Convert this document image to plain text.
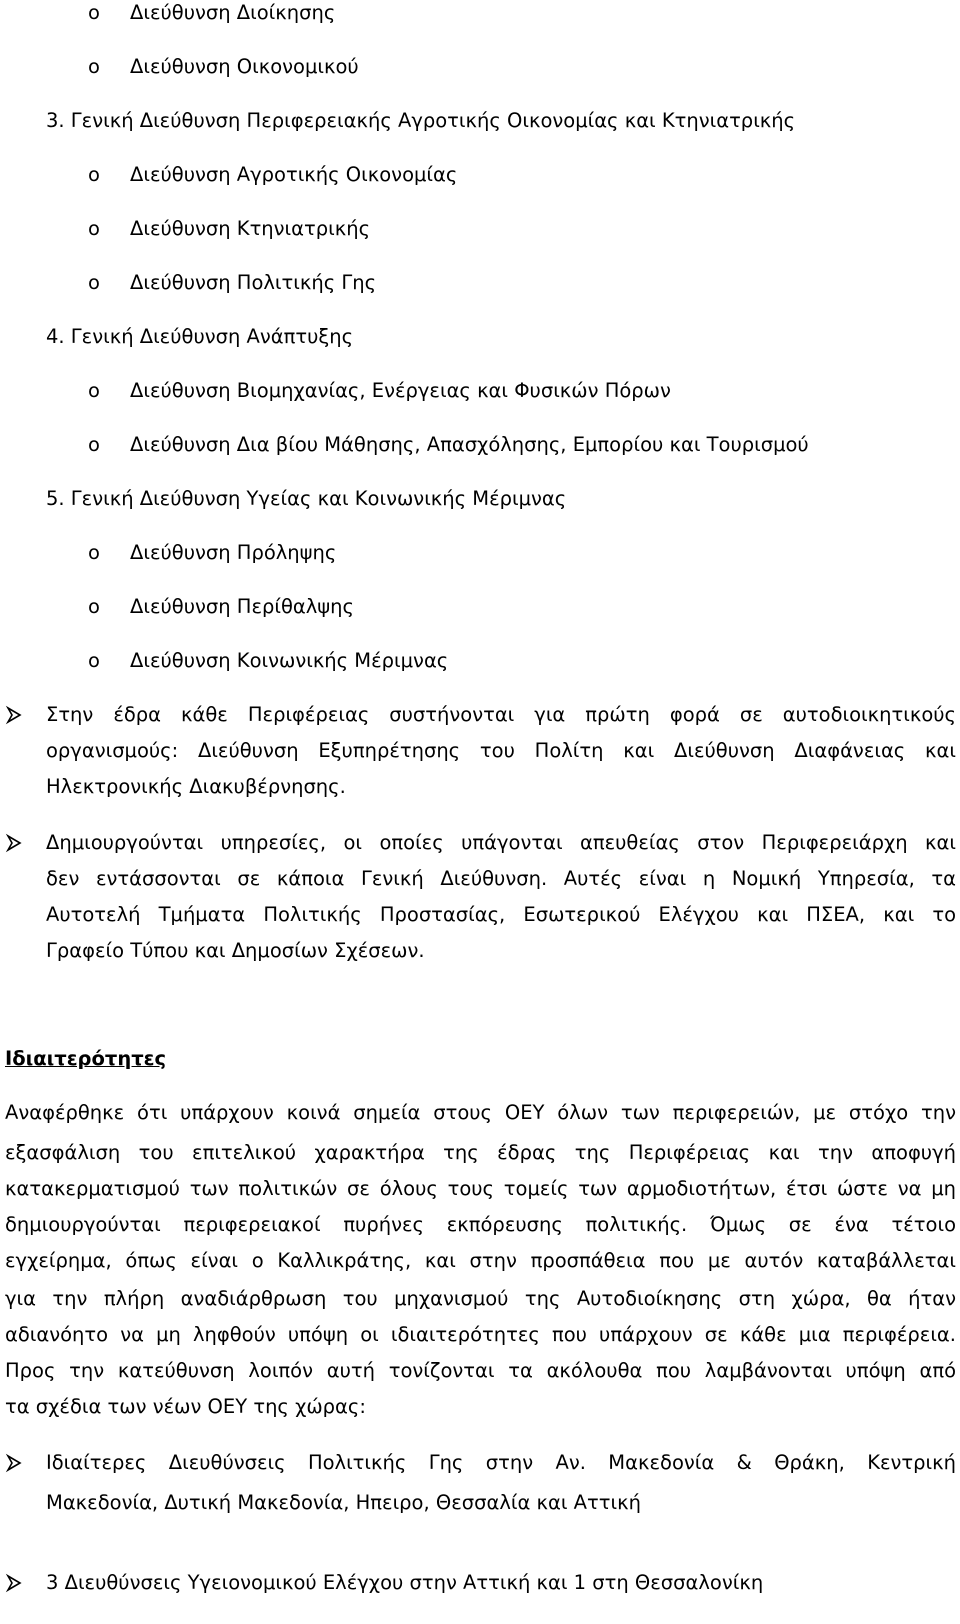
o Διεύθυνση Διοίκησης
o Διεύθυνση Οικονομικού
3. Γενική Διεύθυνση Περιφερειακής Αγροτικής Οικονομίας και Κτηνιατρικής
o Διεύθυνση Αγροτικής Οικονομίας
o Διεύθυνση Κτηνιατρικής
o Διεύθυνση Πολιτικής Γης
4. Γενική Διεύθυνση Ανάπτυξης
o Διεύθυνση Βιομηχανίας, Ενέργειας και Φυσικών Πόρων
o Διεύθυνση Δια βίου Μάθησης, Απασχόλησης, Εμπορίου και Τουρισμού
5. Γενική Διεύθυνση Υγείας και Κοινωνικής Μέριμνας
o Διεύθυνση Πρόληψης
o Διεύθυνση Περίθαλψης
o Διεύθυνση Κοινωνικής Μέριμνας
Στην έδρα κάθε Περιφέρειας συστήνονται για πρώτη φορά σε αυτοδιοικητικούς
οργανισμούς: Διεύθυνση Εξυπηρέτησης του Πολίτη και Διεύθυνση Διαφάνειας και
Ηλεκτρονικής Διακυβέρνησης.
Δημιουργούνται υπηρεσίες, οι οποίες υπάγονται απευθείας στον Περιφερειάρχη και
δεν εντάσσονται σε κάποια Γενική Διεύθυνση. Αυτές είναι η Νομική Υπηρεσία, τα
Αυτοτελή Τμήματα Πολιτικής Προστασίας, Εσωτερικού Ελέγχου και ΠΣΕΑ, και το
Γραφείο Τύπου και Δημοσίων Σχέσεων.
Ιδιαιτερότητες
Αναφέρθηκε ότι υπάρχουν κοινά σημεία στους ΟΕΥ όλων των περιφερειών, με στόχο την
εξασφάλιση του επιτελικού χαρακτήρα της έδρας της Περιφέρειας και την αποφυγή
κατακερματισμού των πολιτικών σε όλους τους τομείς των αρμοδιοτήτων, έτσι ώστε να μη
δημιουργούνται περιφερειακοί πυρήνες εκπόρευσης πολιτικής. Όμως σε ένα τέτοιο
εγχείρημα, όπως είναι ο Καλλικράτης, και στην προσπάθεια που με αυτόν καταβάλλεται
για την πλήρη αναδιάρθρωση του μηχανισμού της Αυτοδιοίκησης στη χώρα, θα ήταν
αδιανόητο να μη ληφθούν υπόψη οι ιδιαιτερότητες που υπάρχουν σε κάθε μια περιφέρεια.
Προς την κατεύθυνση λοιπόν αυτή τονίζονται τα ακόλουθα που λαμβάνονται υπόψη από
τα σχέδια των νέων ΟΕΥ της χώρας:
Ιδιαίτερες Διευθύνσεις Πολιτικής Γης στην Αν. Μακεδονία & Θράκη, Κεντρική
Μακεδονία, Δυτική Μακεδονία, Ηπειρο, Θεσσαλία και Αττική
3 Διευθύνσεις Υγειονομικού Ελέγχου στην Αττική και 1 στη Θεσσαλονίκη
